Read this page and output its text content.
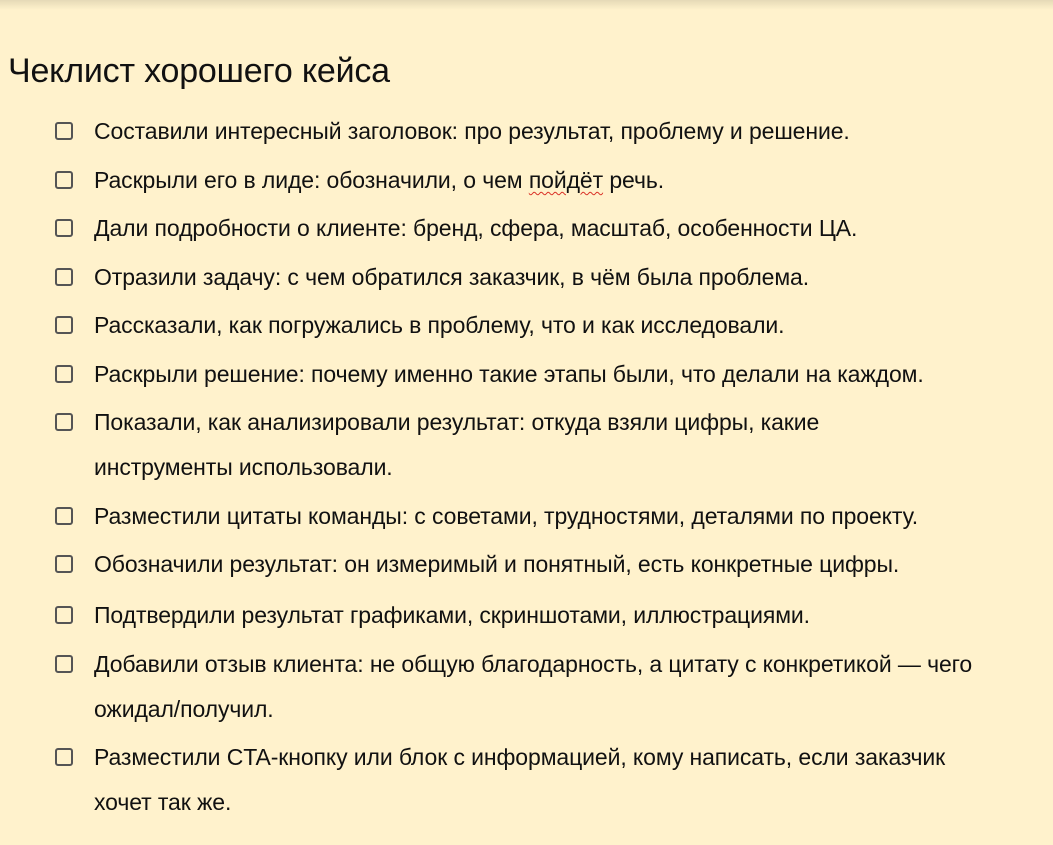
Чеклист хорошего кейса
Составили интересный заголовок: про результат, проблему и решение.
Раскрыли его в лиде: обозначили, о чем пойдёт речь.
Дали подробности о клиенте: бренд, сфера, масштаб, особенности ЦА.
Отразили задачу: с чем обратился заказчик, в чём была проблема.
Рассказали, как погружались в проблему, что и как исследовали.
Раскрыли решение: почему именно такие этапы были, что делали на каждом.
Показали, как анализировали результат: откуда взяли цифры, какие инструменты использовали.
Разместили цитаты команды: с советами, трудностями, деталями по проекту.
Обозначили результат: он измеримый и понятный, есть конкретные цифры.
Подтвердили результат графиками, скриншотами, иллюстрациями.
Добавили отзыв клиента: не общую благодарность, а цитату с конкретикой — чего ожидал/получил.
Разместили CTA-кнопку или блок с информацией, кому написать, если заказчик хочет так же.
